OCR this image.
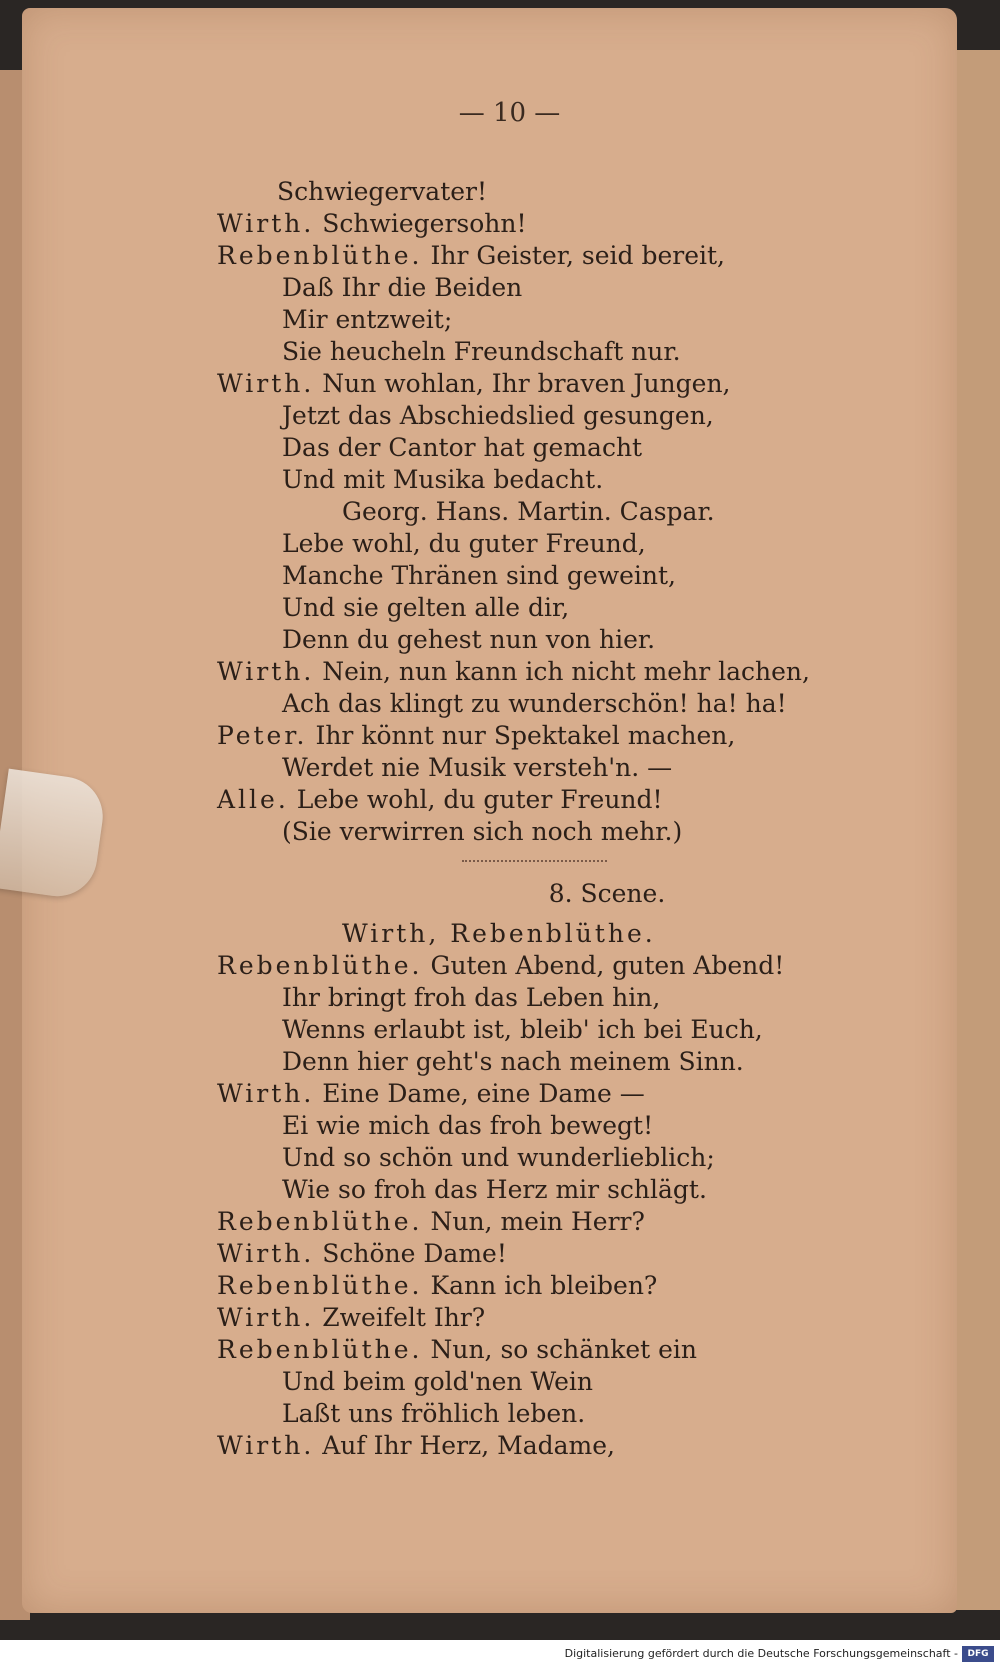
— 10 —
Schwiegervater!
Wirth. Schwiegersohn!
Rebenblüthe. Ihr Geister, seid bereit,
Daß Ihr die Beiden
Mir entzweit;
Sie heucheln Freundschaft nur.
Wirth. Nun wohlan, Ihr braven Jungen,
Jetzt das Abschiedslied gesungen,
Das der Cantor hat gemacht
Und mit Musika bedacht.
Georg. Hans. Martin. Caspar.
Lebe wohl, du guter Freund,
Manche Thränen sind geweint,
Und sie gelten alle dir,
Denn du gehest nun von hier.
Wirth. Nein, nun kann ich nicht mehr lachen,
Ach das klingt zu wunderschön! ha! ha!
Peter. Ihr könnt nur Spektakel machen,
Werdet nie Musik versteh'n. —
Alle. Lebe wohl, du guter Freund!
(Sie verwirren sich noch mehr.)
8. Scene.
Wirth, Rebenblüthe.
Rebenblüthe. Guten Abend, guten Abend!
Ihr bringt froh das Leben hin,
Wenns erlaubt ist, bleib' ich bei Euch,
Denn hier geht's nach meinem Sinn.
Wirth. Eine Dame, eine Dame —
Ei wie mich das froh bewegt!
Und so schön und wunderlieblich;
Wie so froh das Herz mir schlägt.
Rebenblüthe. Nun, mein Herr?
Wirth. Schöne Dame!
Rebenblüthe. Kann ich bleiben?
Wirth. Zweifelt Ihr?
Rebenblüthe. Nun, so schänket ein
Und beim gold'nen Wein
Laßt uns fröhlich leben.
Wirth. Auf Ihr Herz, Madame,
Digitalisierung gefördert durch die Deutsche Forschungsgemeinschaft -	DFG
